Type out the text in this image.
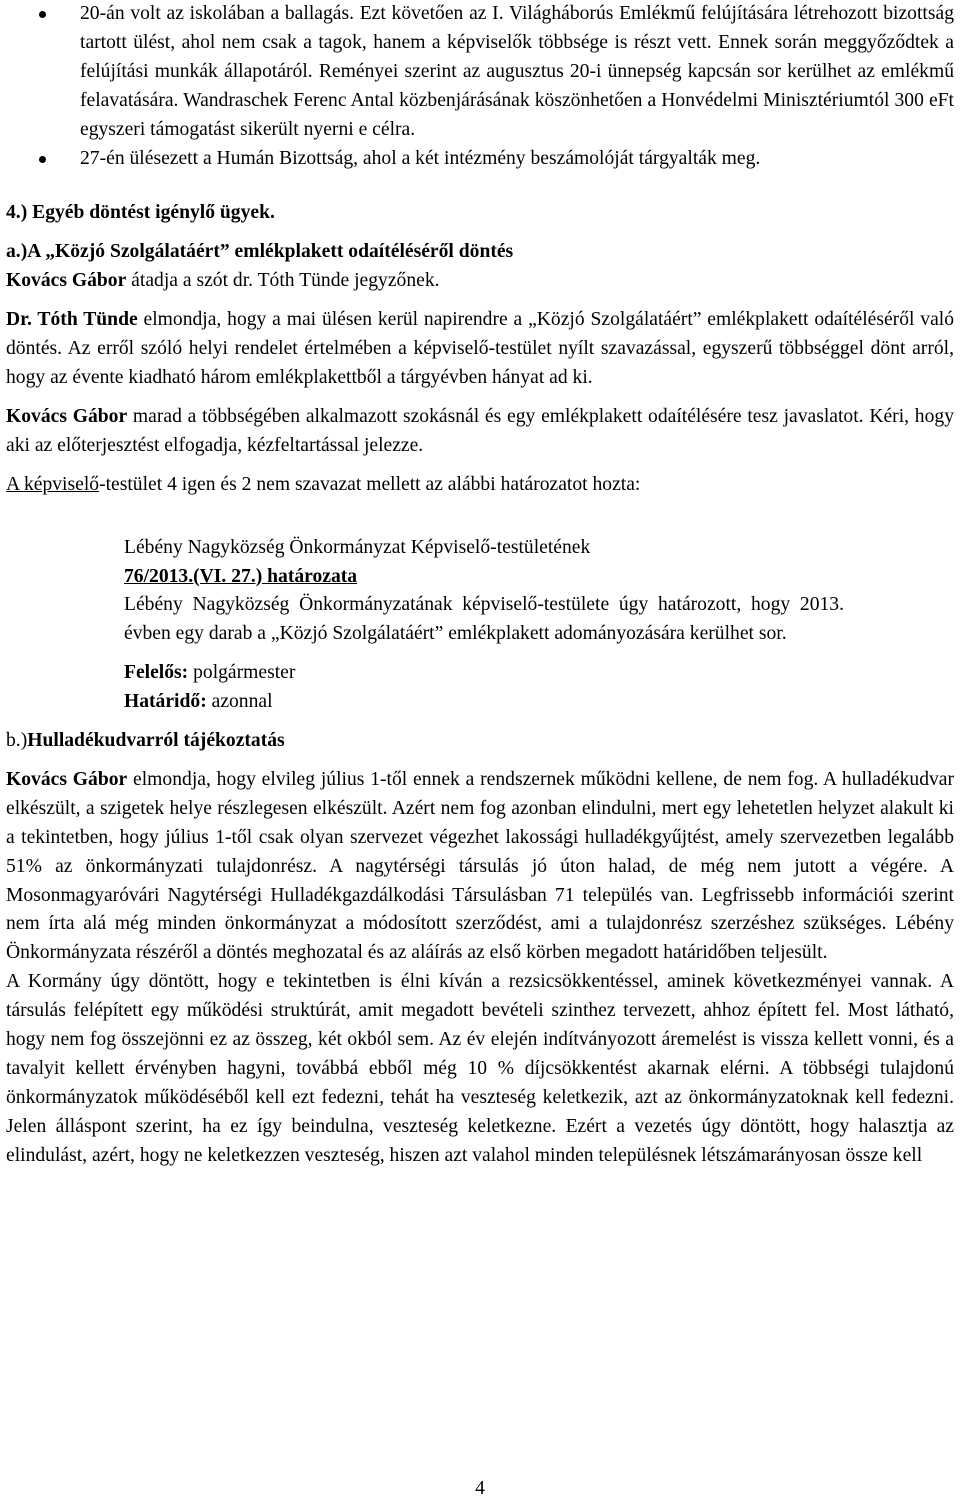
20-án volt az iskolában a ballagás. Ezt követően az I. Világháborús Emlékmű felújítására létrehozott bizottság tartott ülést, ahol nem csak a tagok, hanem a képviselők többsége is részt vett. Ennek során meggyőződtek a felújítási munkák állapotáról. Reményei szerint az augusztus 20-i ünnepség kapcsán sor kerülhet az emlékmű felavatására. Wandraschek Ferenc Antal közbenjárásának köszönhetően a Honvédelmi Minisztériumtól 300 eFt egyszeri támogatást sikerült nyerni e célra.
27-én ülésezett a Humán Bizottság, ahol a két intézmény beszámolóját tárgyalták meg.

4.) Egyéb döntést igénylő ügyek.

a.)A „Közjó Szolgálatáért” emlékplakett odaítéléséről döntés

Kovács Gábor átadja a szót dr. Tóth Tünde jegyzőnek.

Dr. Tóth Tünde elmondja, hogy a mai ülésen kerül napirendre a „Közjó Szolgálatáért” emlékplakett odaítéléséről való döntés. Az erről szóló helyi rendelet értelmében a képviselő-testület nyílt szavazással, egyszerű többséggel dönt arról, hogy az évente kiadható három emlékplakettből a tárgyévben hányat ad ki.

Kovács Gábor marad a többségében alkalmazott szokásnál és egy emlékplakett odaítélésére tesz javaslatot. Kéri, hogy aki az előterjesztést elfogadja, kézfeltartással jelezze.

A képviselő-testület 4 igen és 2 nem szavazat mellett az alábbi határozatot hozta:

Lébény Nagyközség Önkormányzat Képviselő-testületének

76/2013.(VI. 27.) határozata

Lébény Nagyközség Önkormányzatának képviselő-testülete úgy határozott, hogy 2013. évben egy darab a „Közjó Szolgálatáért” emlékplakett adományozására kerülhet sor.

Felelős: polgármester

Határidő: azonnal

b.)Hulladékudvarról tájékoztatás

Kovács Gábor elmondja, hogy elvileg július 1-től ennek a rendszernek működni kellene, de nem fog. A hulladékudvar elkészült, a szigetek helye részlegesen elkészült. Azért nem fog azonban elindulni, mert egy lehetetlen helyzet alakult ki a tekintetben, hogy július 1-től csak olyan szervezet végezhet lakossági hulladékgyűjtést, amely szervezetben legalább 51% az önkormányzati tulajdonrész. A nagytérségi társulás jó úton halad, de még nem jutott a végére. A Mosonmagyaróvári Nagytérségi Hulladékgazdálkodási Társulásban 71 település van. Legfrissebb információi szerint nem írta alá még minden önkormányzat a módosított szerződést, ami a tulajdonrész szerzéshez szükséges. Lébény Önkormányzata részéről a döntés meghozatal és az aláírás az első körben megadott határidőben teljesült.

A Kormány úgy döntött, hogy e tekintetben is élni kíván a rezsicsökkentéssel, aminek következményei vannak. A társulás felépített egy működési struktúrát, amit megadott bevételi szinthez tervezett, ahhoz épített fel. Most látható, hogy nem fog összejönni ez az összeg, két okból sem. Az év elején indítványozott áremelést is vissza kellett vonni, és a tavalyit kellett érvényben hagyni, továbbá ebből még 10 % díjcsökkentést akarnak elérni. A többségi tulajdonú önkormányzatok működéséből kell ezt fedezni, tehát ha veszteség keletkezik, azt az önkormányzatoknak kell fedezni. Jelen álláspont szerint, ha ez így beindulna, veszteség keletkezne. Ezért a vezetés úgy döntött, hogy halasztja az elindulást, azért, hogy ne keletkezzen veszteség, hiszen azt valahol minden településnek létszámarányosan össze kell

4
